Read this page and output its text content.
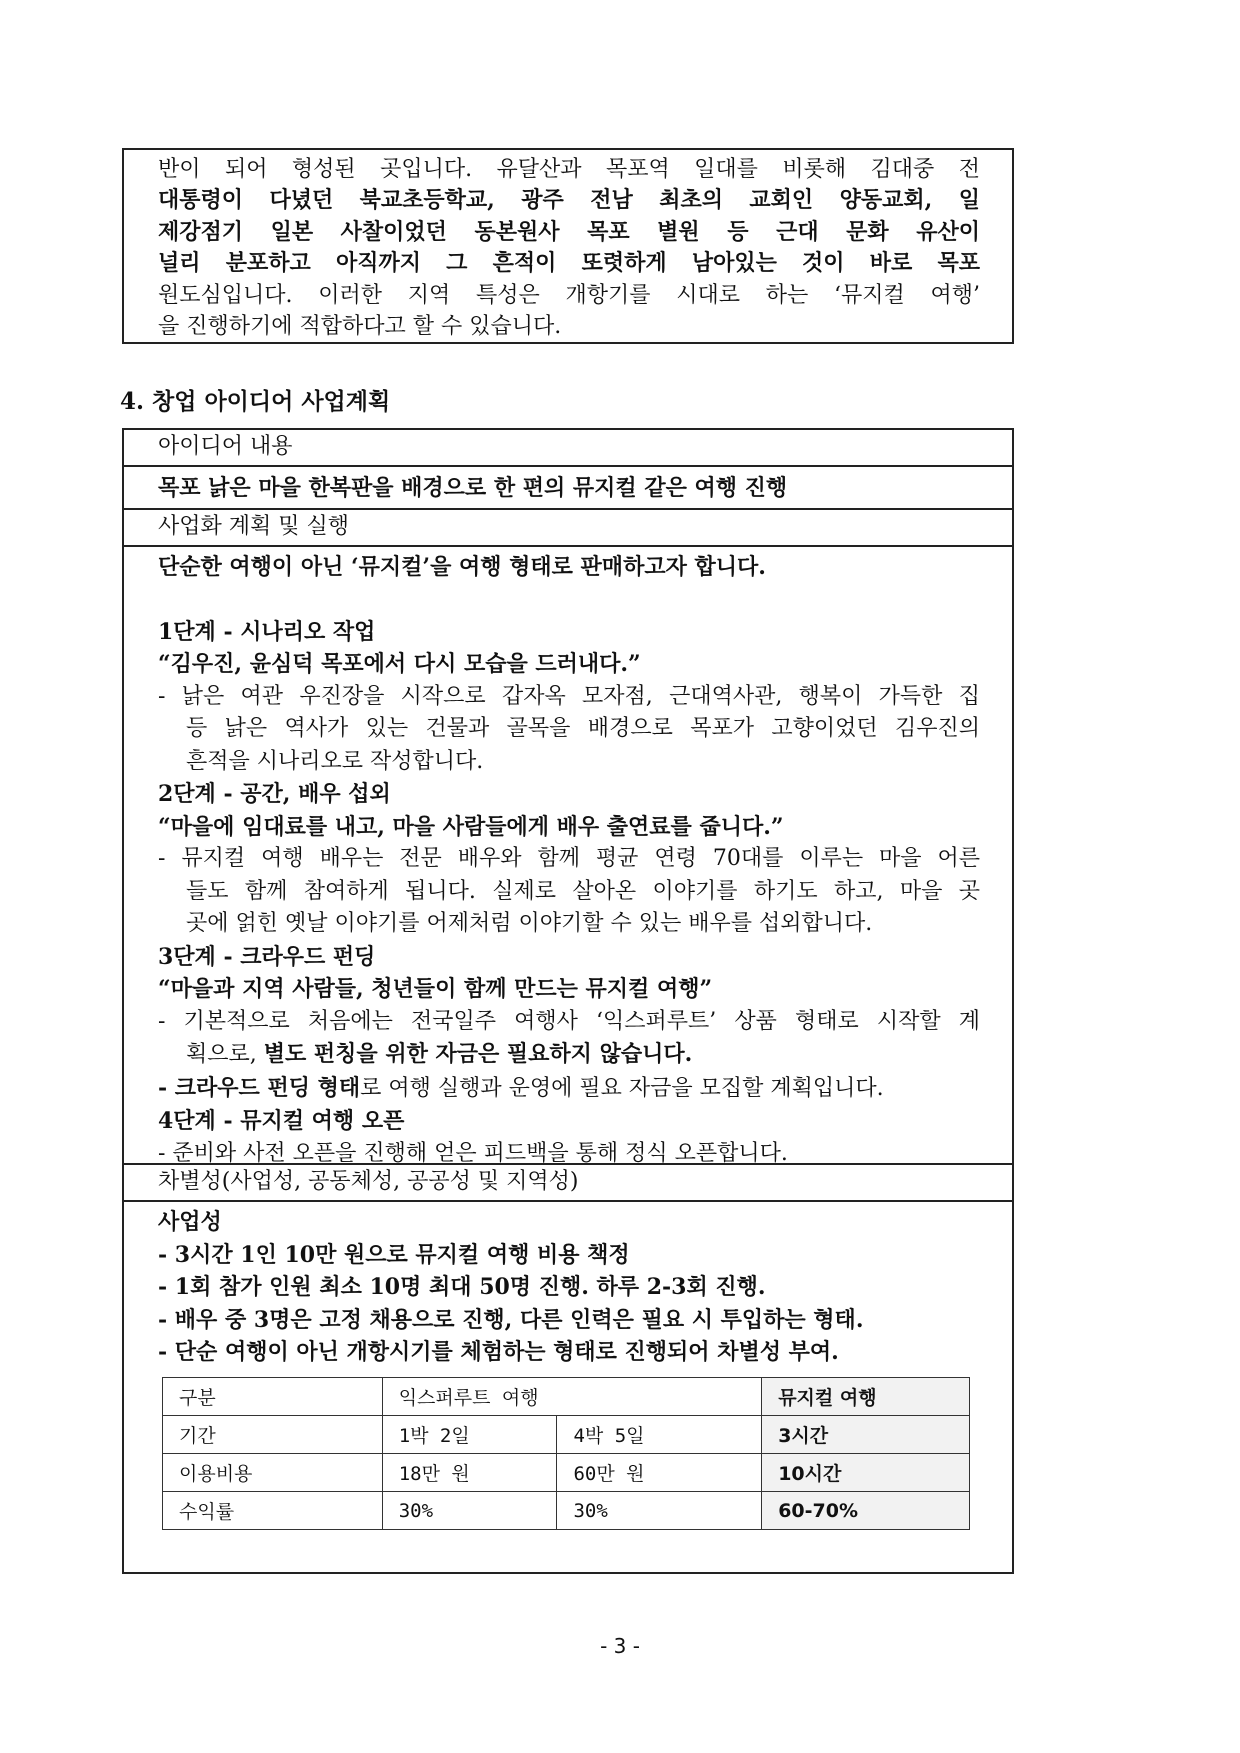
반이 되어 형성된 곳입니다. 유달산과 목포역 일대를 비롯해 김대중 전

대통령이 다녔던 북교초등학교, 광주 전남 최초의 교회인 양동교회, 일

제강점기 일본 사찰이었던 동본원사 목포 별원 등 근대 문화 유산이

널리 분포하고 아직까지 그 흔적이 또렷하게 남아있는 것이 바로 목포

원도심입니다. 이러한 지역 특성은 개항기를 시대로 하는 ‘뮤지컬 여행’

을 진행하기에 적합하다고 할 수 있습니다.

4. 창업 아이디어 사업계획
아이디어 내용
목포 낡은 마을 한복판을 배경으로 한 편의 뮤지컬 같은 여행 진행
사업화 계획 및 실행

단순한 여행이 아닌 ‘뮤지컬’을 여행 형태로 판매하고자 합니다.

1단계 - 시나리오 작업

“김우진, 윤심덕 목포에서 다시 모습을 드러내다.”

- 낡은 여관 우진장을 시작으로 갑자옥 모자점, 근대역사관, 행복이 가득한 집

등 낡은 역사가 있는 건물과 골목을 배경으로 목포가 고향이었던 김우진의

흔적을 시나리오로 작성합니다.

2단계 - 공간, 배우 섭외

“마을에 임대료를 내고, 마을 사람들에게 배우 출연료를 줍니다.”

- 뮤지컬 여행 배우는 전문 배우와 함께 평균 연령 70대를 이루는 마을 어른

들도 함께 참여하게 됩니다. 실제로 살아온 이야기를 하기도 하고, 마을 곳

곳에 얽힌 옛날 이야기를 어제처럼 이야기할 수 있는 배우를 섭외합니다.

3단계 - 크라우드 펀딩

“마을과 지역 사람들, 청년들이 함께 만드는 뮤지컬 여행”

- 기본적으로 처음에는 전국일주 여행사 ‘익스퍼루트’ 상품 형태로 시작할 계

획으로, 별도 펀칭을 위한 자금은 필요하지 않습니다.

- 크라우드 펀딩 형태로 여행 실행과 운영에 필요 자금을 모집할 계획입니다.

4단계 - 뮤지컬 여행 오픈

- 준비와 사전 오픈을 진행해 얻은 피드백을 통해 정식 오픈합니다.

차별성(사업성, 공동체성, 공공성 및 지역성)

사업성

- 3시간 1인 10만 원으로 뮤지컬 여행 비용 책정

- 1회 참가 인원 최소 10명 최대 50명 진행. 하루 2-3회 진행.

- 배우 중 3명은 고정 채용으로 진행, 다른 인력은 필요 시 투입하는 형태.

- 단순 여행이 아닌 개항시기를 체험하는 형태로 진행되어 차별성 부여.

구분	익스퍼루트 여행		뮤지컬 여행
기간	1박 2일	4박 5일	3시간
이용비용	18만 원	60만 원	10시간
수익률	30%	30%	60-70%
- 3 -
